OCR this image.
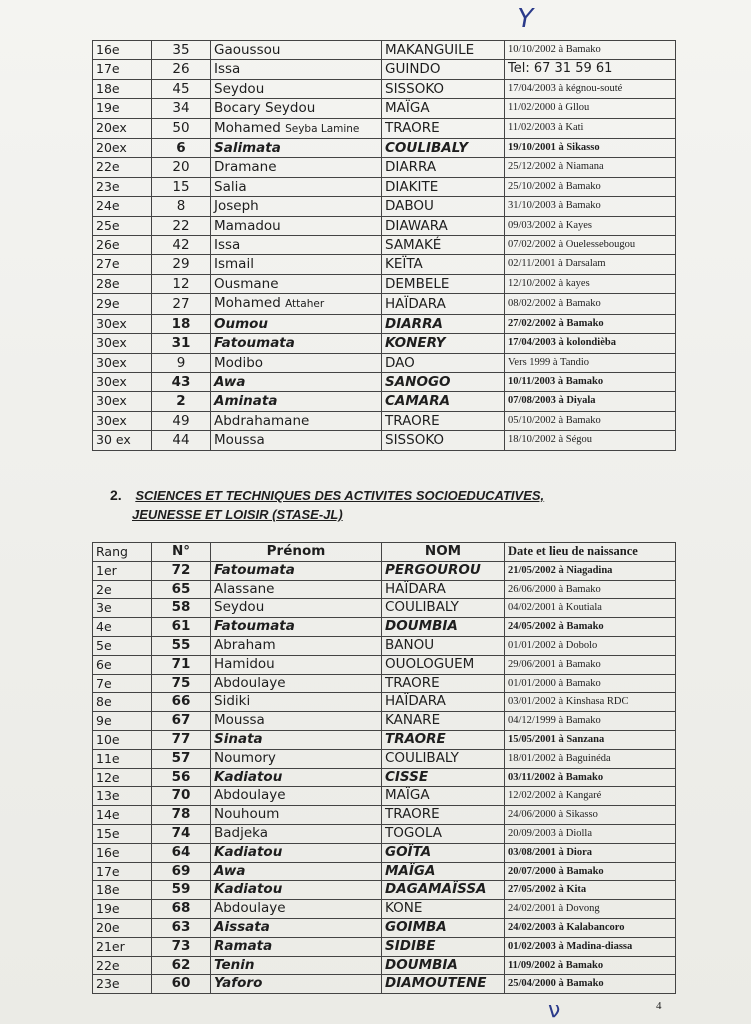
Y
16e	35	Gaoussou	MAKANGUILE	10/10/2002 à Bamako
17e	26	Issa	GUINDO	Tel: 67 31 59 61
18e	45	Seydou	SISSOKO	17/04/2003 à kégnou-souté
19e	34	Bocary Seydou	MAÏGA	11/02/2000 à Gllou
20ex	50	Mohamed Seyba Lamine	TRAORE	11/02/2003 à Kati
20ex	6	Salimata	COULIBALY	19/10/2001 à Sikasso
22e	20	Dramane	DIARRA	25/12/2002 à Niamana
23e	15	Salia	DIAKITE	25/10/2002 à Bamako
24e	8	Joseph	DABOU	31/10/2003 à Bamako
25e	22	Mamadou	DIAWARA	09/03/2002 à Kayes
26e	42	Issa	SAMAKÉ	07/02/2002 à Ouelessebougou
27e	29	Ismail	KEÏTA	02/11/2001 à Darsalam
28e	12	Ousmane	DEMBELE	12/10/2002 à kayes
29e	27	Mohamed Attaher	HAÏDARA	08/02/2002 à Bamako
30ex	18	Oumou	DIARRA	27/02/2002 à Bamako
30ex	31	Fatoumata	KONERY	17/04/2003 à kolondièba
30ex	9	Modibo	DAO	Vers 1999 à Tandio
30ex	43	Awa	SANOGO	10/11/2003 à Bamako
30ex	2	Aminata	CAMARA	07/08/2003 à Diyala
30ex	49	Abdrahamane	TRAORE	05/10/2002 à Bamako
30 ex	44	Moussa	SISSOKO	18/10/2002 à Ségou
2. SCIENCES ET TECHNIQUES DES ACTIVITES SOCIOEDUCATIVES,
JEUNESSE ET LOISIR (STASE-JL)
Rang	N°	Prénom	NOM	Date et lieu de naissance
1er	72	Fatoumata	PERGOUROU	21/05/2002 à Niagadina
2e	65	Alassane	HAÏDARA	26/06/2000 à Bamako
3e	58	Seydou	COULIBALY	04/02/2001 à Koutiala
4e	61	Fatoumata	DOUMBIA	24/05/2002 à Bamako
5e	55	Abraham	BANOU	01/01/2002 à Dobolo
6e	71	Hamidou	OUOLOGUEM	29/06/2001 à Bamako
7e	75	Abdoulaye	TRAORE	01/01/2000 à Bamako
8e	66	Sidiki	HAÏDARA	03/01/2002 à Kinshasa RDC
9e	67	Moussa	KANARE	04/12/1999 à Bamako
10e	77	Sinata	TRAORE	15/05/2001 à Sanzana
11e	57	Noumory	COULIBALY	18/01/2002 à Baguinéda
12e	56	Kadiatou	CISSE	03/11/2002 à Bamako
13e	70	Abdoulaye	MAÏGA	12/02/2002 à Kangaré
14e	78	Nouhoum	TRAORE	24/06/2000 à Sikasso
15e	74	Badjeka	TOGOLA	20/09/2003 à Diolla
16e	64	Kadiatou	GOÏTA	03/08/2001 à Diora
17e	69	Awa	MAÏGA	20/07/2000 à Bamako
18e	59	Kadiatou	DAGAMAÏSSA	27/05/2002 à Kita
19e	68	Abdoulaye	KONE	24/02/2001 à Dovong
20e	63	Aissata	GOIMBA	24/02/2003 à Kalabancoro
21er	73	Ramata	SIDIBE	01/02/2003 à Madina-diassa
22e	62	Tenin	DOUMBIA	11/09/2002 à Bamako
23e	60	Yaforo	DIAMOUTENE	25/04/2000 à Bamako
4
ν
